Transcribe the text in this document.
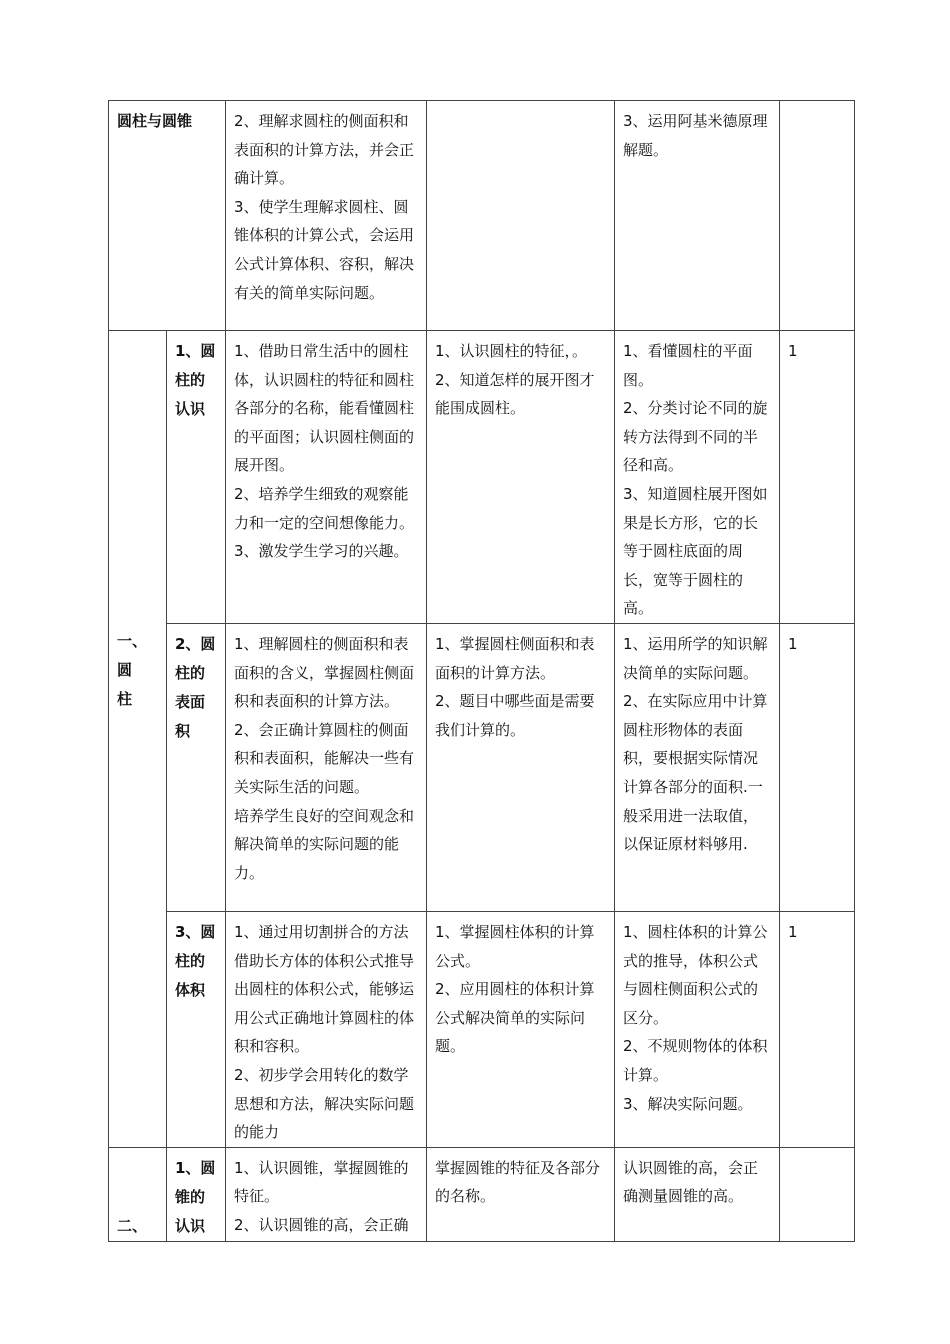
圆柱与圆锥		2、理解求圆柱的侧面积和表面积的计算方法，并会正确计算。
3、使学生理解求圆柱、圆锥体积的计算公式，会运用公式计算体积、容积，解决有关的简单实际问题。		3、运用阿基米德原理解题。	

一、圆柱	1、圆柱的认识	1、借助日常生活中的圆柱体，认识圆柱的特征和圆柱各部分的名称，能看懂圆柱的平面图；认识圆柱侧面的展开图。
2、培养学生细致的观察能力和一定的空间想像能力。
3、激发学生学习的兴趣。	1、认识圆柱的特征，。
2、知道怎样的展开图才能围成圆柱。	1、看懂圆柱的平面图。
2、分类讨论不同的旋转方法得到不同的半径和高。
3、知道圆柱展开图如果是长方形，它的长等于圆柱底面的周长，宽等于圆柱的高。	1

	2、圆柱的表面积	1、理解圆柱的侧面积和表面积的含义，掌握圆柱侧面积和表面积的计算方法。
2、会正确计算圆柱的侧面积和表面积，能解决一些有关实际生活的问题。
培养学生良好的空间观念和解决简单的实际问题的能力。	1、掌握圆柱侧面积和表面积的计算方法。
2、题目中哪些面是需要我们计算的。	1、运用所学的知识解决简单的实际问题。
2、在实际应用中计算圆柱形物体的表面积，要根据实际情况计算各部分的面积.一般采用进一法取值，以保证原材料够用.	1

	3、圆柱的体积	1、通过用切割拼合的方法借助长方体的体积公式推导出圆柱的体积公式，能够运用公式正确地计算圆柱的体积和容积。
2、初步学会用转化的数学思想和方法，解决实际问题的能力	1、掌握圆柱体积的计算公式。
2、应用圆柱的体积计算公式解决简单的实际问题。	1、圆柱体积的计算公式的推导，体积公式与圆柱侧面积公式的区分。
2、不规则物体的体积计算。
3、解决实际问题。	1
二、	1、圆锥的认识	1、认识圆锥，掌握圆锥的特征。
2、认识圆锥的高，会正确	掌握圆锥的特征及各部分的名称。	认识圆锥的高，会正确测量圆锥的高。	
